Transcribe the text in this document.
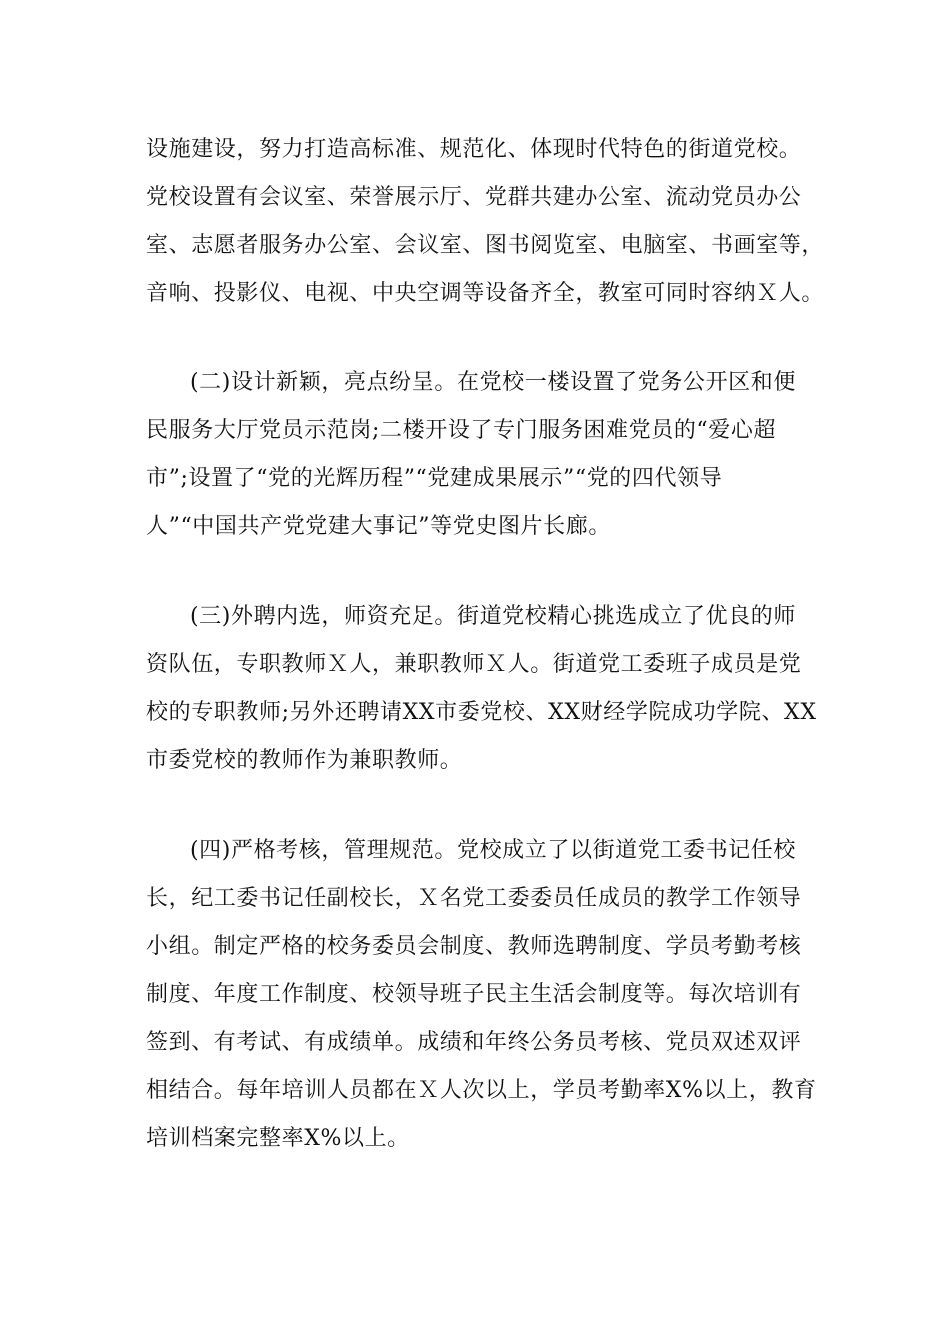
设施建设，努力打造高标准、规范化、体现时代特色的街道党校。
党校设置有会议室、荣誉展示厅、党群共建办公室、流动党员办公
室、志愿者服务办公室、会议室、图书阅览室、电脑室、书画室等，
音响、投影仪、电视、中央空调等设备齐全，教室可同时容纳Ｘ人。
(二)设计新颖，亮点纷呈。在党校一楼设置了党务公开区和便
民服务大厅党员示范岗;二楼开设了专门服务困难党员的“爱心超
市”;设置了“党的光辉历程”“党建成果展示”“党的四代领导
人”“中国共产党党建大事记”等党史图片长廊。
(三)外聘内选，师资充足。街道党校精心挑选成立了优良的师
资队伍，专职教师Ｘ人，兼职教师Ｘ人。街道党工委班子成员是党
校的专职教师;另外还聘请XX市委党校、XX财经学院成功学院、XX
市委党校的教师作为兼职教师。
(四)严格考核，管理规范。党校成立了以街道党工委书记任校
长，纪工委书记任副校长，Ｘ名党工委委员任成员的教学工作领导
小组。制定严格的校务委员会制度、教师选聘制度、学员考勤考核
制度、年度工作制度、校领导班子民主生活会制度等。每次培训有
签到、有考试、有成绩单。成绩和年终公务员考核、党员双述双评
相结合。每年培训人员都在Ｘ人次以上，学员考勤率X%以上，教育
培训档案完整率X%以上。
